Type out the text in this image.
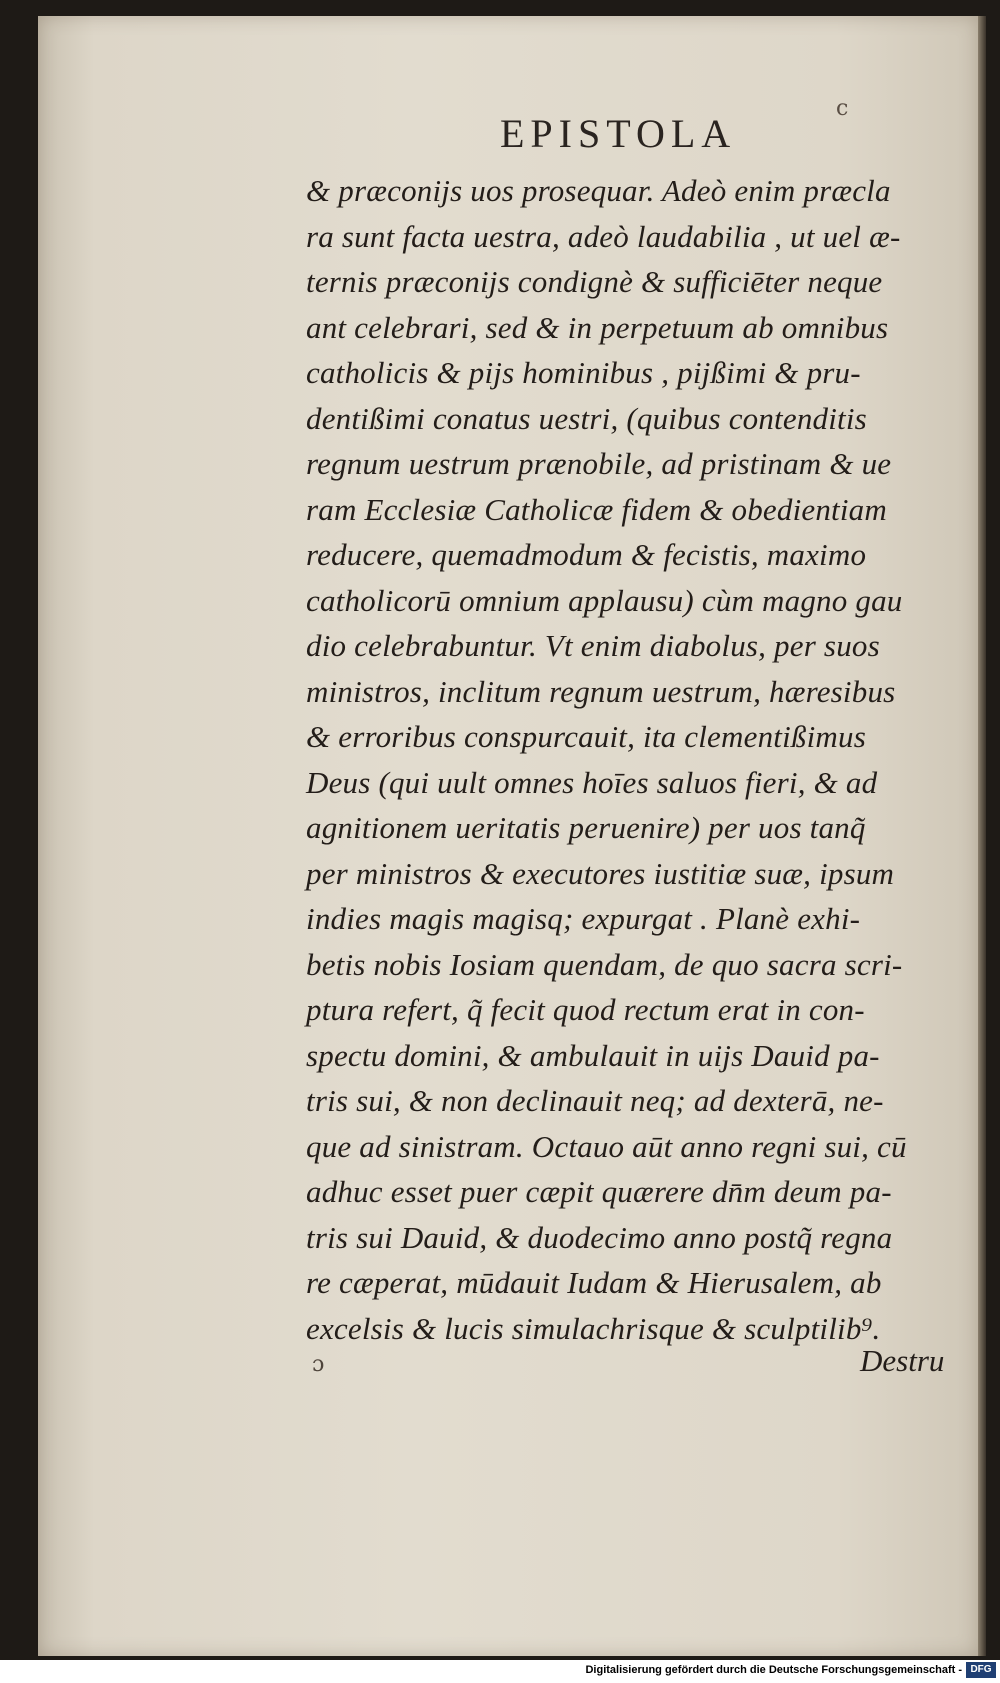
EPISTOLA
c
& præconijs uos prosequar. Adeò enim præcla
ra sunt facta uestra, adeò laudabilia , ut uel æ-
ternis præconijs condignè & sufficiēter neque
ant celebrari, sed & in perpetuum ab omnibus
catholicis & pijs hominibus , pijßimi & pru-
dentißimi conatus uestri, (quibus contenditis
regnum uestrum prænobile, ad pristinam & ue
ram Ecclesiæ Catholicæ fidem & obedientiam
reducere, quemadmodum & fecistis, maximo
catholicorū omnium applausu) cùm magno gau
dio celebrabuntur. Vt enim diabolus, per suos
ministros, inclitum regnum uestrum, hæresibus
& erroribus conspurcauit, ita clementißimus
Deus (qui uult omnes hoīes saluos fieri, & ad
agnitionem ueritatis peruenire) per uos tanq̃
per ministros & executores iustitiæ suæ, ipsum
indies magis magisq; expurgat . Planè exhi-
betis nobis Iosiam quendam, de quo sacra scri-
ptura refert, q̃ fecit quod rectum erat in con-
spectu domini, & ambulauit in uijs Dauid pa-
tris sui, & non declinauit neq; ad dexterā, ne-
que ad sinistram. Octauo aūt anno regni sui, cū
adhuc esset puer cæpit quærere dn̄m deum pa-
tris sui Dauid, & duodecimo anno postq̃ regna
re cæperat, mūdauit Iudam & Hierusalem, ab
excelsis & lucis simulachrisque & sculptilib⁹.
ɔ	Destru
Digitalisierung gefördert durch die Deutsche Forschungsgemeinschaft - DFG
